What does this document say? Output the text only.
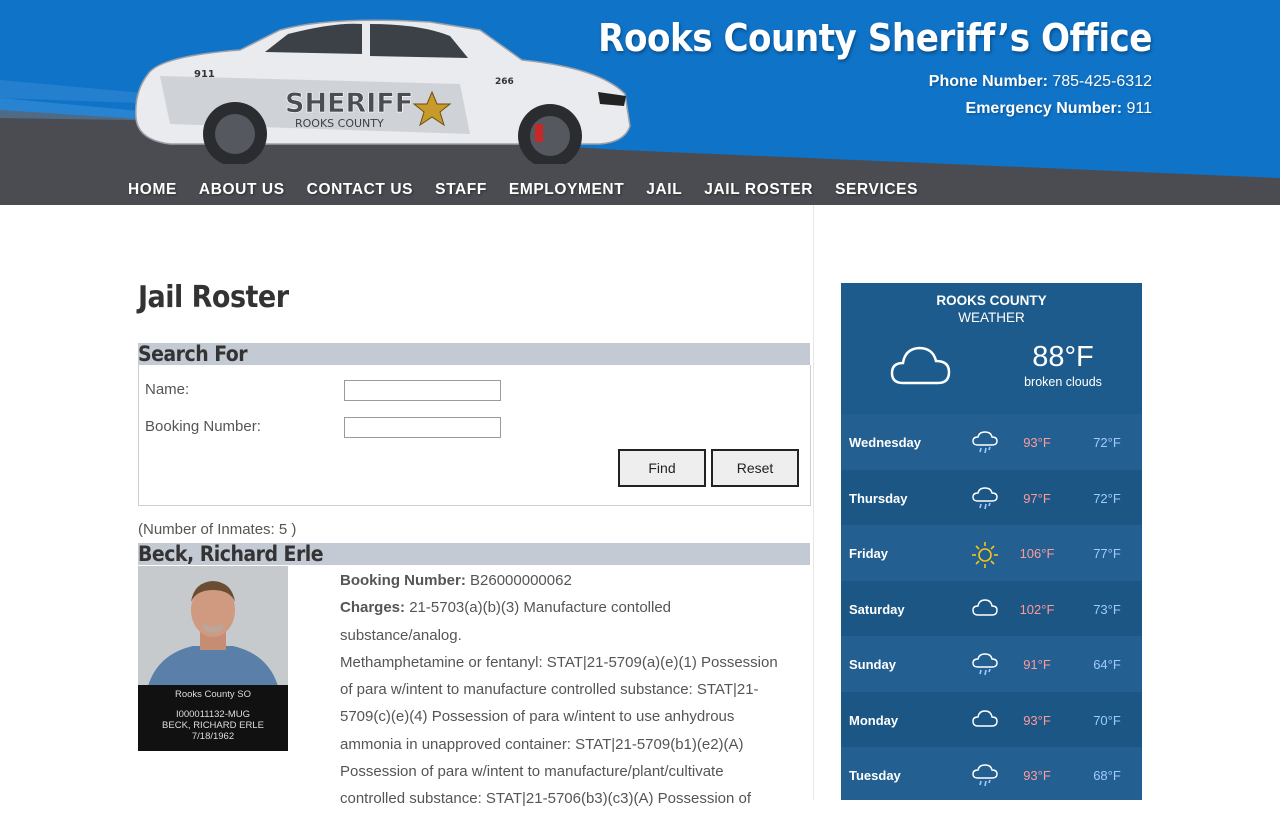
SHERIFF
ROOKS COUNTY
911
266
Rooks County Sheriff’s Office
Phone Number: 785-425-6312
Emergency Number: 911
HOME ABOUT US CONTACT US STAFF EMPLOYMENT JAIL JAIL ROSTER SERVICES
Jail Roster
Search For
Name:
Booking Number:
Find	Reset
(Number of Inmates: 5 )
Beck, Richard Erle
Rooks County SO
I000011132-MUG
BECK, RICHARD ERLE
7/18/1962
Booking Number: B26000000062
Charges: 21-5703(a)(b)(3) Manufacture contolled
substance/analog.
Methamphetamine or fentanyl: STAT|21-5709(a)(e)(1) Possession
of para w/intent to manufacture controlled substance: STAT|21-
5709(c)(e)(4) Possession of para w/intent to use anhydrous
ammonia in unapproved container: STAT|21-5709(b1)(e2)(A)
Possession of para w/intent to manufacture/plant/cultivate
controlled substance: STAT|21-5706(b3)(c3)(A) Possession of
ROOKS COUNTY
WEATHER
88°F
broken clouds
Wednesday	93°F	72°F
Thursday	97°F	72°F
Friday	106°F	77°F
Saturday	102°F	73°F
Sunday	91°F	64°F
Monday	93°F	70°F
Tuesday	93°F	68°F
